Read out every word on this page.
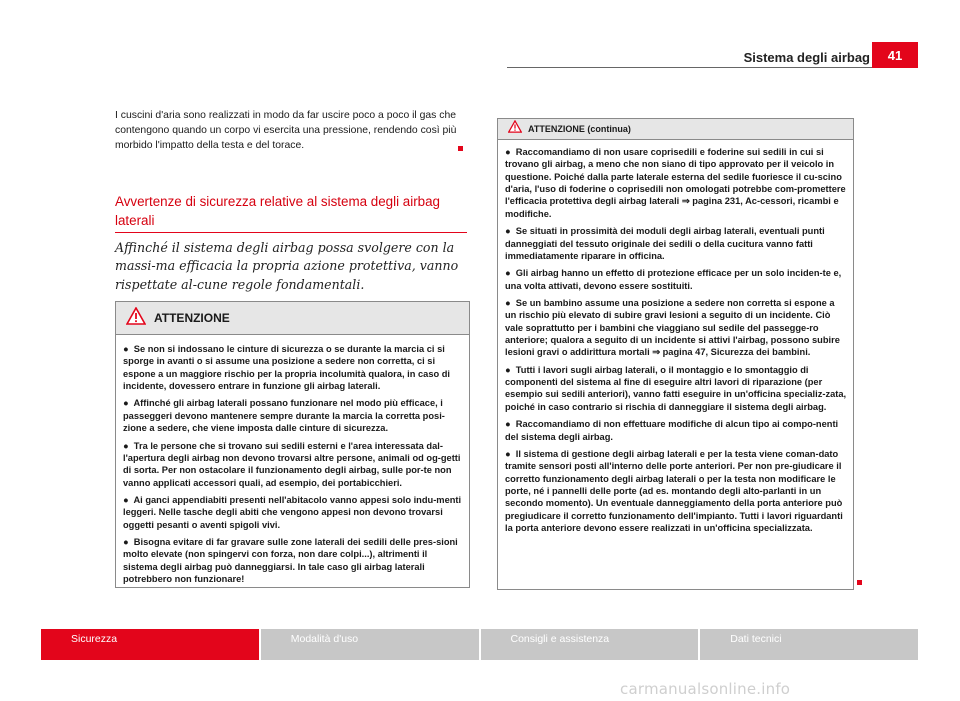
Sistema degli airbag	41
I cuscini d'aria sono realizzati in modo da far uscire poco a poco il gas che contengono quando un corpo vi esercita una pressione, rendendo così più morbido l'impatto della testa e del torace.
Avvertenze di sicurezza relative al sistema degli airbag laterali
Affinché il sistema degli airbag possa svolgere con la massi-ma efficacia la propria azione protettiva, vanno rispettate al-cune regole fondamentali.
ATTENZIONE

● Se non si indossano le cinture di sicurezza o se durante la marcia ci si sporge in avanti o si assume una posizione a sedere non corretta, ci si espone a un maggiore rischio per la propria incolumità qualora, in caso di incidente, dovessero entrare in funzione gli airbag laterali.

● Affinché gli airbag laterali possano funzionare nel modo più efficace, i passeggeri devono mantenere sempre durante la marcia la corretta posi-zione a sedere, che viene imposta dalle cinture di sicurezza.

● Tra le persone che si trovano sui sedili esterni e l'area interessata dal-l'apertura degli airbag non devono trovarsi altre persone, animali od og-getti di sorta. Per non ostacolare il funzionamento degli airbag, sulle por-te non vanno applicati accessori quali, ad esempio, dei portabicchieri.

● Ai ganci appendiabiti presenti nell'abitacolo vanno appesi solo indu-menti leggeri. Nelle tasche degli abiti che vengono appesi non devono trovarsi oggetti pesanti o aventi spigoli vivi.

● Bisogna evitare di far gravare sulle zone laterali dei sedili delle pres-sioni molto elevate (non spingervi con forza, non dare colpi...), altrimenti il sistema degli airbag può danneggiarsi. In tale caso gli airbag laterali potrebbero non funzionare!

ATTENZIONE (continua)

● Raccomandiamo di non usare coprisedili e foderine sui sedili in cui si trovano gli airbag, a meno che non siano di tipo approvato per il veicolo in questione. Poiché dalla parte laterale esterna del sedile fuoriesce il cu-scino d'aria, l'uso di foderine o coprisedili non omologati potrebbe com-promettere l'efficacia protettiva degli airbag laterali ⇒ pagina 231, Ac-cessori, ricambi e modifiche.

● Se situati in prossimità dei moduli degli airbag laterali, eventuali punti danneggiati del tessuto originale dei sedili o della cucitura vanno fatti immediatamente riparare in officina.

● Gli airbag hanno un effetto di protezione efficace per un solo inciden-te e, una volta attivati, devono essere sostituiti.

● Se un bambino assume una posizione a sedere non corretta si espone a un rischio più elevato di subire gravi lesioni a seguito di un incidente. Ciò vale soprattutto per i bambini che viaggiano sul sedile del passegge-ro anteriore; qualora a seguito di un incidente si attivi l'airbag, possono subire lesioni gravi o addirittura mortali ⇒ pagina 47, Sicurezza dei bambini.

● Tutti i lavori sugli airbag laterali, o il montaggio e lo smontaggio di componenti del sistema al fine di eseguire altri lavori di riparazione (per esempio sui sedili anteriori), vanno fatti eseguire in un'officina specializ-zata, poiché in caso contrario si rischia di danneggiare il sistema degli airbag.

● Raccomandiamo di non effettuare modifiche di alcun tipo ai compo-nenti del sistema degli airbag.

● Il sistema di gestione degli airbag laterali e per la testa viene coman-dato tramite sensori posti all'interno delle porte anteriori. Per non pre-giudicare il corretto funzionamento degli airbag laterali o per la testa non modificare le porte, né i pannelli delle porte (ad es. montando degli alto-parlanti in un secondo momento). Un eventuale danneggiamento della porta anteriore può pregiudicare il corretto funzionamento dell'impianto. Tutti i lavori riguardanti la porta anteriore devono essere realizzati in un'officina specializzata.

Sicurezza	Modalità d'uso	Consigli e assistenza	Dati tecnici
carmanualsonline.info
